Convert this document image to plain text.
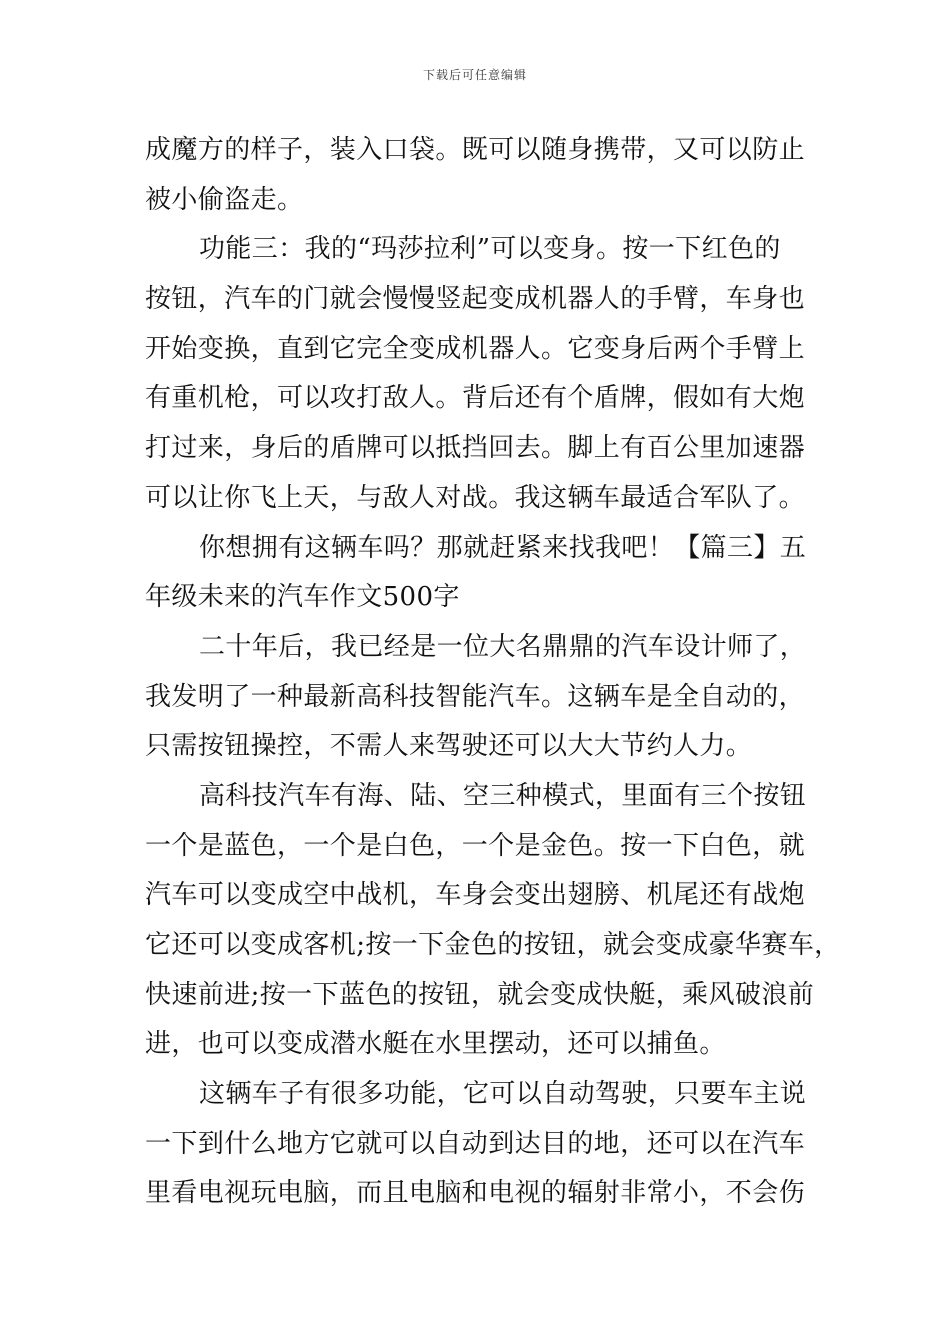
下载后可任意编辑
成魔方的样子，装入口袋。既可以随身携带，又可以防止
被小偷盗走。
功能三：我的“玛莎拉利”可以变身。按一下红色的
按钮，汽车的门就会慢慢竖起变成机器人的手臂，车身也
开始变换，直到它完全变成机器人。它变身后两个手臂上
有重机枪，可以攻打敌人。背后还有个盾牌，假如有大炮
打过来，身后的盾牌可以抵挡回去。脚上有百公里加速器
可以让你飞上天，与敌人对战。我这辆车最适合军队了。
你想拥有这辆车吗？那就赶紧来找我吧！【篇三】五
年级未来的汽车作文500字
二十年后，我已经是一位大名鼎鼎的汽车设计师了，
我发明了一种最新高科技智能汽车。这辆车是全自动的，
只需按钮操控，不需人来驾驶还可以大大节约人力。
高科技汽车有海、陆、空三种模式，里面有三个按钮
一个是蓝色，一个是白色，一个是金色。按一下白色，就
汽车可以变成空中战机，车身会变出翅膀、机尾还有战炮
它还可以变成客机;按一下金色的按钮，就会变成豪华赛车，
快速前进;按一下蓝色的按钮，就会变成快艇，乘风破浪前
进，也可以变成潜水艇在水里摆动，还可以捕鱼。
这辆车子有很多功能，它可以自动驾驶，只要车主说
一下到什么地方它就可以自动到达目的地，还可以在汽车
里看电视玩电脑，而且电脑和电视的辐射非常小，不会伤
